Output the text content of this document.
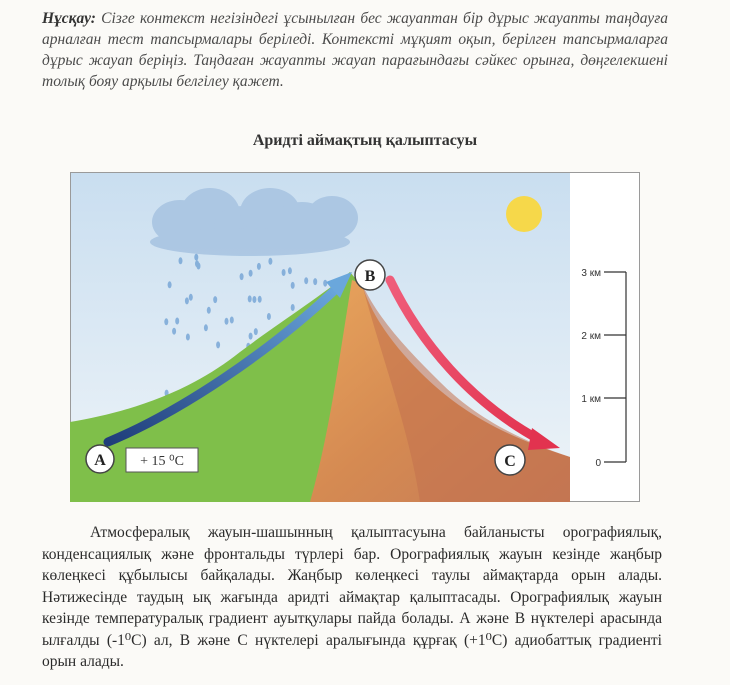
Нұсқау: Сізге контекст негізіндегі ұсынылған бес жауаптан бір дұрыс жауапты таңдауға арналған тест тапсырмалары беріледі. Контексті мұқият оқып, берілген тапсырмаларға дұрыс жауап беріңіз. Таңдаған жауапты жауап парағындағы сәйкес орынға, дөңгелекшені толық бояу арқылы белгілеу қажет.
Аридті аймақтың қалыптасуы
A + 15 ⁰C
B
C
3 км
2 км
1 км
0
Атмосфералық жауын-шашынның қалыптасуына байланысты орографиялық, конденсациялық және фронтальды түрлері бар. Орографиялық жауын кезінде жаңбыр көлеңкесі құбылысы байқалады. Жаңбыр көлеңкесі таулы аймақтарда орын алады. Нәтижесінде таудың ық жағында аридті аймақтар қалыптасады. Орографиялық жауын кезінде температуралық градиент ауытқулары пайда болады. А және В нүктелері арасында ылғалды (-1⁰С) ал, В және С нүктелері аралығында құрғақ (+1⁰С) адиобаттық градиенті орын алады.
